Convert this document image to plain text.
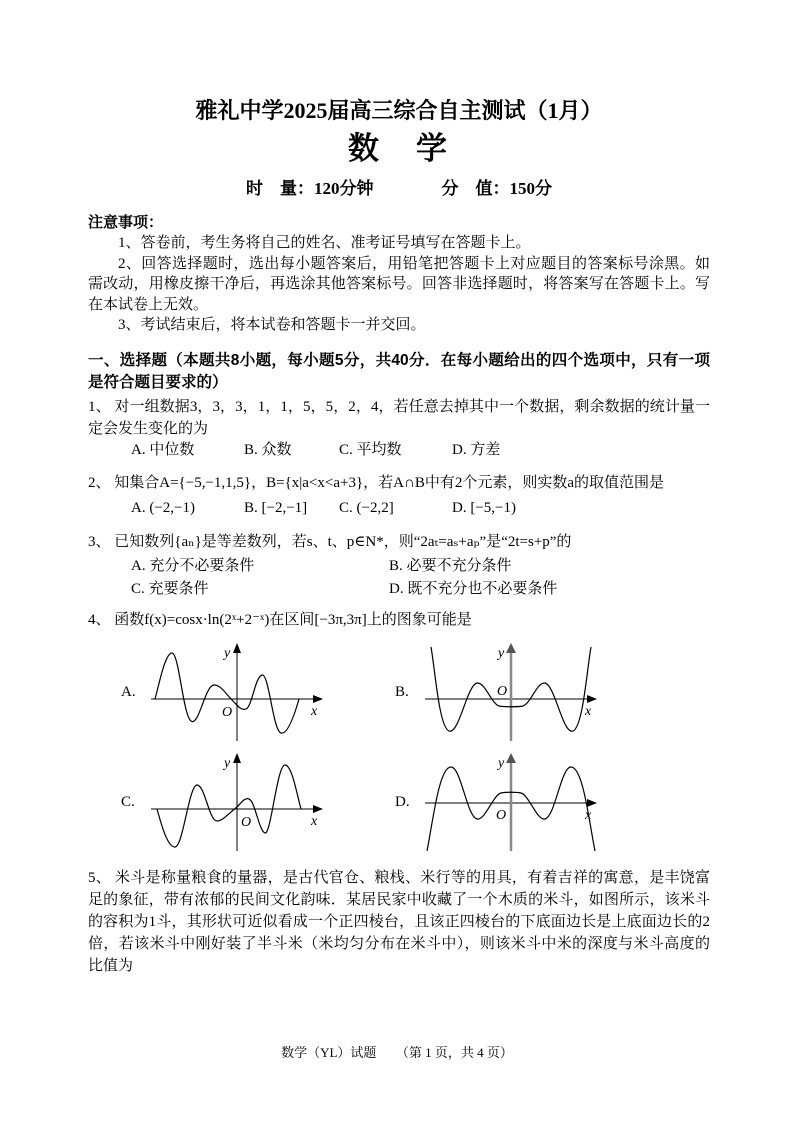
雅礼中学2025届高三综合自主测试（1月）
数　学
时　量：120分钟　　　　分　值：150分
注意事项：

1、答卷前，考生务将自己的姓名、准考证号填写在答题卡上。

2、回答选择题时，选出每小题答案后，用铅笔把答题卡上对应题目的答案标号涂黑。如需改动，用橡皮擦干净后，再选涂其他答案标号。回答非选择题时，将答案写在答题卡上。写在本试卷上无效。

3、考试结束后，将本试卷和答题卡一并交回。

一、选择题（本题共8小题，每小题5分，共40分．在每小题给出的四个选项中，只有一项是符合题目要求的）

1、 对一组数据3，3，3，1，1，5，5，2，4，若任意去掉其中一个数据，剩余数据的统计量一定会发生变化的为

A. 中位数	B. 众数	C. 平均数	D. 方差

2、 知集合A={−5,−1,1,5}，B={x|a<x<a+3}，若A∩B中有2个元素，则实数a的取值范围是

A. (−2,−1)	B. [−2,−1]	C. (−2,2]	D. [−5,−1)

3、 已知数列{aₙ}是等差数列，若s、t、p∈N*，则“2aₜ=aₛ+aₚ”是“2t=s+p”的

A. 充分不必要条件	B. 必要不充分条件
C. 充要条件	D. 既不充分也不必要条件

4、 函数f(x)=cosx·ln(2ˣ+2⁻ˣ)在区间[−3π,3π]上的图象可能是

A.
y
x
O
B.
y
x
O
C.
y
x
O
D.
y
x
O

5、 米斗是称量粮食的量器，是古代官仓、粮栈、米行等的用具，有着吉祥的寓意，是丰饶富足的象征，带有浓郁的民间文化韵味．某居民家中收藏了一个木质的米斗，如图所示，该米斗的容积为1斗，其形状可近似看成一个正四棱台，且该正四棱台的下底面边长是上底面边长的2倍，若该米斗中刚好装了半斗米（米均匀分布在米斗中），则该米斗中米的深度与米斗高度的比值为

数学（YL）试题　　（第 1 页，共 4 页）
